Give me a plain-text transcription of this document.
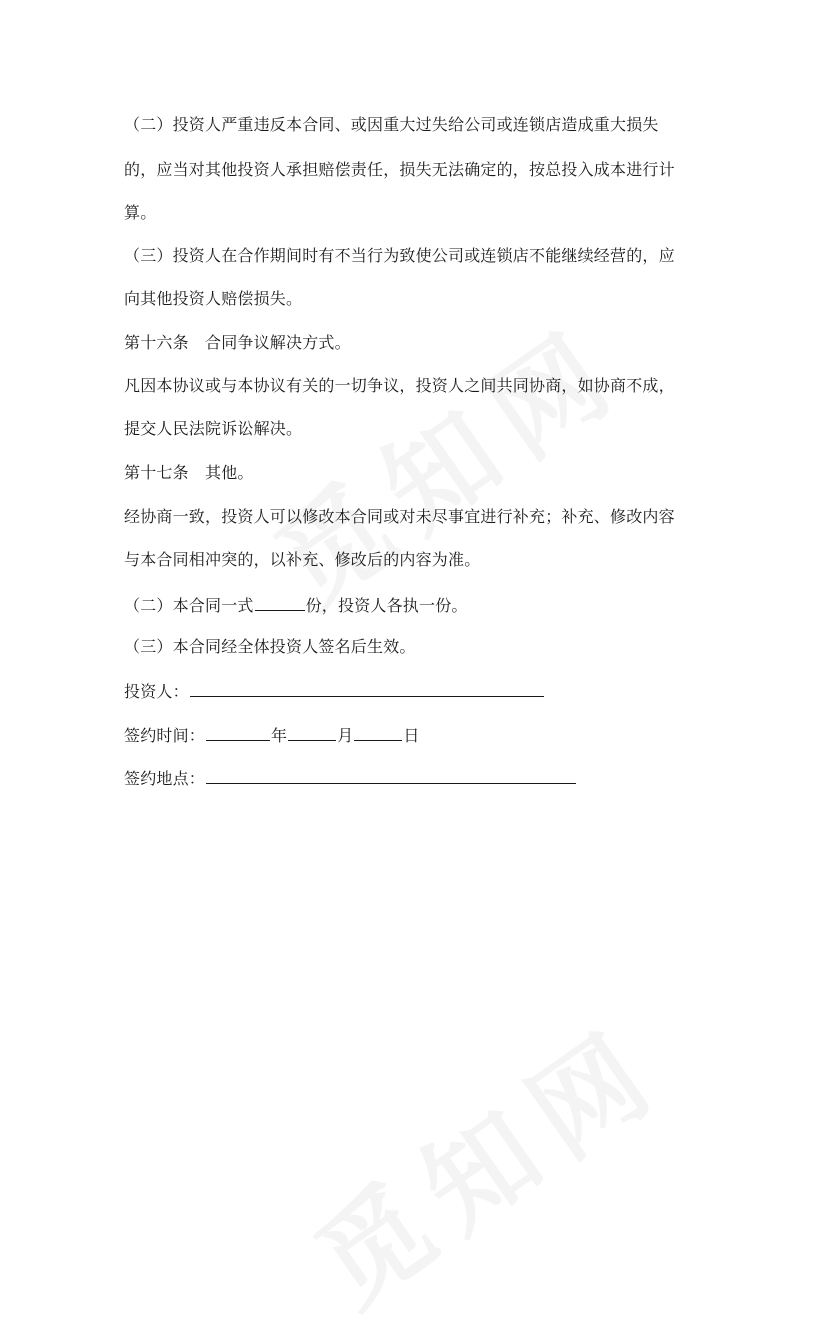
（二）投资人严重违反本合同、或因重大过失给公司或连锁店造成重大损失
的，应当对其他投资人承担赔偿责任，损失无法确定的，按总投入成本进行计
算。
（三）投资人在合作期间时有不当行为致使公司或连锁店不能继续经营的，应
向其他投资人赔偿损失。
第十六条　合同争议解决方式。
凡因本协议或与本协议有关的一切争议，投资人之间共同协商，如协商不成，
提交人民法院诉讼解决。
第十七条　其他。
经协商一致，投资人可以修改本合同或对未尽事宜进行补充；补充、修改内容
与本合同相冲突的，以补充、修改后的内容为准。
（二）本合同一式	份，投资人各执一份。
（三）本合同经全体投资人签名后生效。
投资人：
签约时间：	年	月	日
签约地点：
